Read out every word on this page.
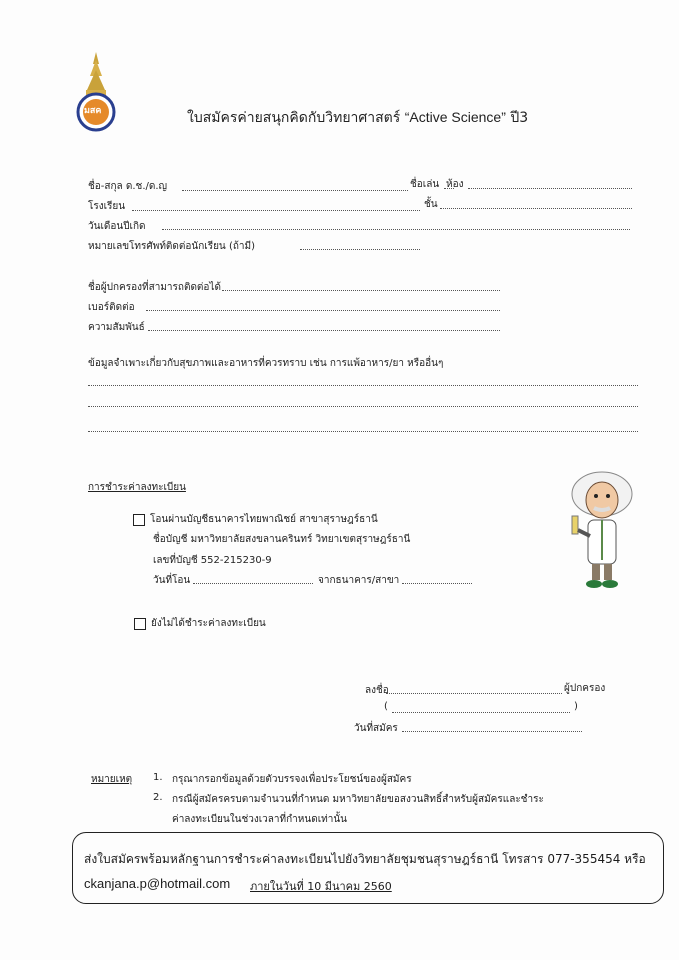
มสค	ใบสมัครค่ายสนุกคิดกับวิทยาศาสตร์ “Active Science” ปี3
ชื่อ-สกุล ด.ช./ด.ญ	ชื่อเล่น ห้อง
โรงเรียน	ชั้น
วันเดือนปีเกิด
หมายเลขโทรศัพท์ติดต่อนักเรียน (ถ้ามี)
ชื่อผู้ปกครองที่สามารถติดต่อได้
เบอร์ติดต่อ
ความสัมพันธ์
ข้อมูลจำเพาะเกี่ยวกับสุขภาพและอาหารที่ควรทราบ เช่น การแพ้อาหาร/ยา หรืออื่นๆ
การชำระค่าลงทะเบียน
โอนผ่านบัญชีธนาคารไทยพาณิชย์ สาขาสุราษฎร์ธานี
ชื่อบัญชี มหาวิทยาลัยสงขลานครินทร์ วิทยาเขตสุราษฎร์ธานี
เลขที่บัญชี 552-215230-9
วันที่โอน	จากธนาคาร/สาขา
ยังไม่ได้ชำระค่าลงทะเบียน
ลงชื่อ	ผู้ปกครอง
(	)
วันที่สมัคร
หมายเหตุ 1. กรุณากรอกข้อมูลด้วยตัวบรรจงเพื่อประโยชน์ของผู้สมัคร
2. กรณีผู้สมัครครบตามจำนวนที่กำหนด มหาวิทยาลัยขอสงวนสิทธิ์สำหรับผู้สมัครและชำระ
ค่าลงทะเบียนในช่วงเวลาที่กำหนดเท่านั้น
ส่งใบสมัครพร้อมหลักฐานการชำระค่าลงทะเบียนไปยังวิทยาลัยชุมชนสุราษฎร์ธานี โทรสาร 077-355454 หรือ
ckanjana.p@hotmail.com ภายในวันที่ 10 มีนาคม 2560
